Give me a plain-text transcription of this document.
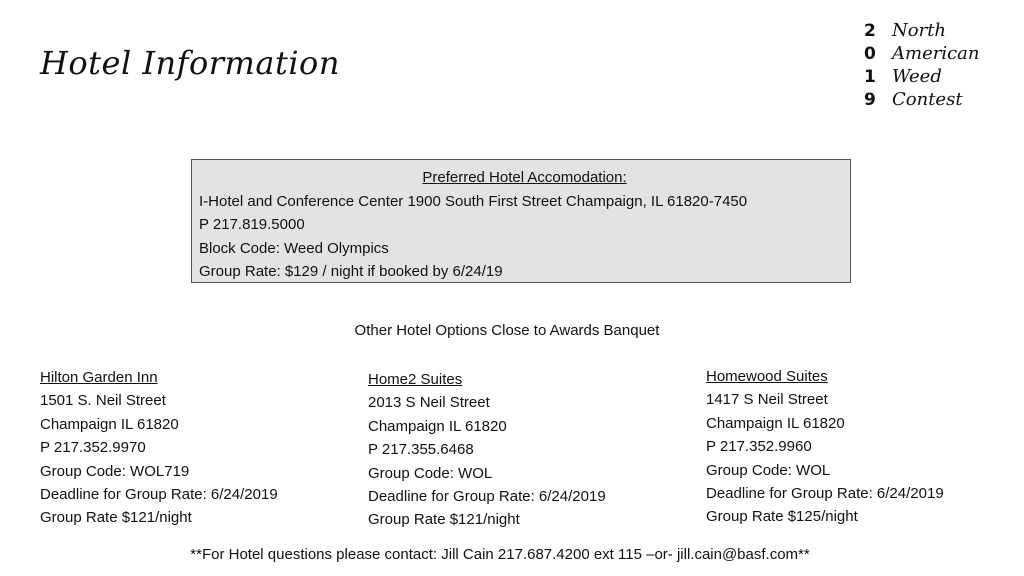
Hotel Information
2 North
0 American
1 Weed
9 Contest
Preferred Hotel Accomodation:
I-Hotel and Conference Center 1900 South First Street Champaign, IL 61820-7450
P 217.819.5000
Block Code: Weed Olympics
Group Rate: $129 / night if booked by 6/24/19
Other Hotel Options Close to Awards Banquet
Hilton Garden Inn
1501 S. Neil Street
Champaign IL 61820
P 217.352.9970
Group Code: WOL719
Deadline for Group Rate: 6/24/2019
Group Rate $121/night
Home2 Suites
2013 S Neil Street
Champaign IL 61820
P 217.355.6468
Group Code: WOL
Deadline for Group Rate: 6/24/2019
Group Rate $121/night
Homewood Suites
1417 S Neil Street
Champaign IL 61820
P 217.352.9960
Group Code: WOL
Deadline for Group Rate: 6/24/2019
Group Rate $125/night
**For Hotel questions please contact: Jill Cain 217.687.4200 ext 115 –or- jill.cain@basf.com**
